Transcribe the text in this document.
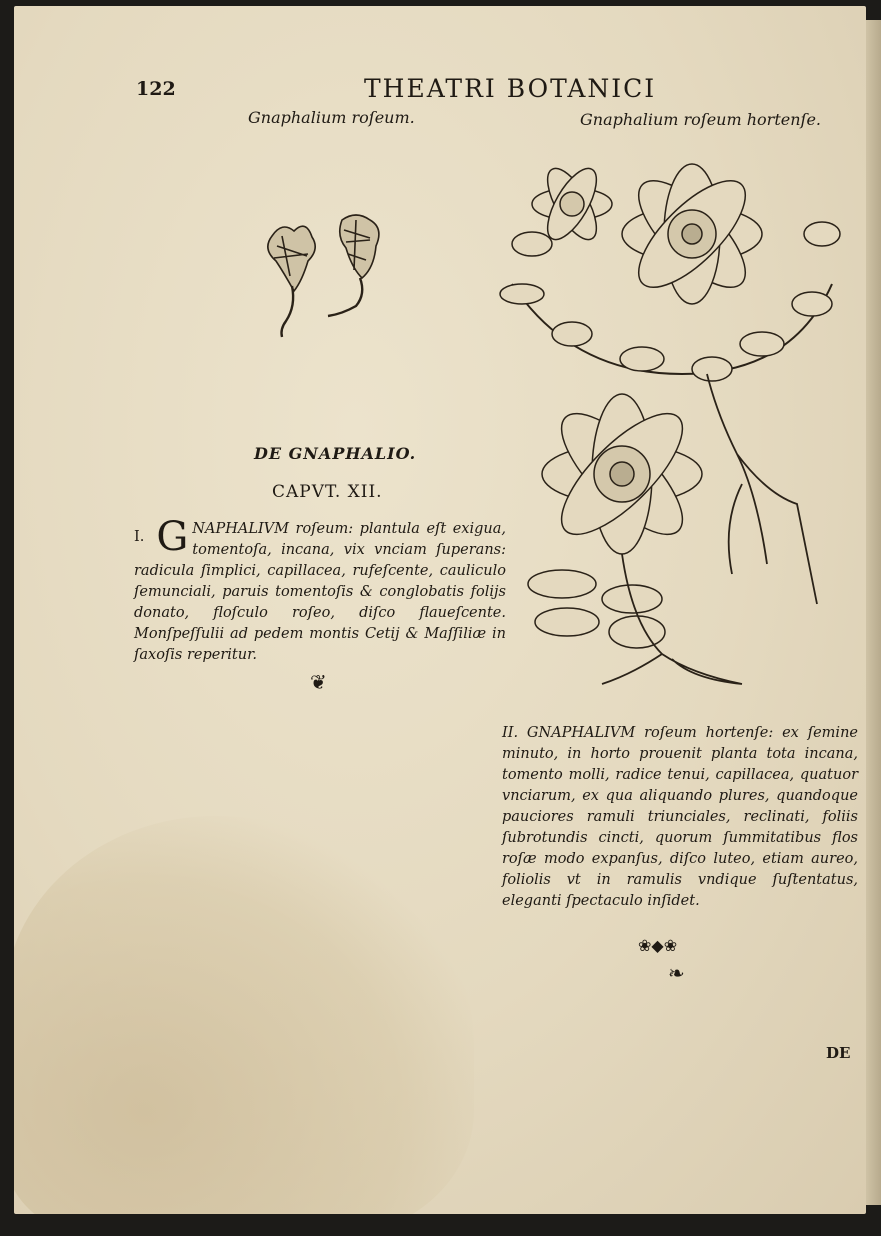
122	THEATRI BOTANICI
Gnaphalium roſeum.	Gnaphalium roſeum hortenſe.
DE GNAPHALIO.
CAPVT. XII.
I. G NAPHALIVM roſeum: plantula eſt exigua, tomentoſa, incana, vix vnciam ſuperans: radicula ſimplici, capillacea, rufeſcente, cauliculo ſemunciali, paruis tomentoſis & conglobatis folijs donato, floſculo roſeo, diſco flaueſcente. Monſpeſſulii ad pedem montis Cetij & Maſſiliæ in ſaxoſis reperitur.
❦
II. GNAPHALIVM roſeum hortenſe: ex ſemine minuto, in horto prouenit planta tota incana, tomento molli, radice tenui, capillacea, quatuor vnciarum, ex qua aliquando plures, quandoque pauciores ramuli triunciales, reclinati, foliis ſubrotundis cincti, quorum ſummitatibus flos roſæ modo expanſus, diſco luteo, etiam aureo, foliolis vt in ramulis vndique ſuſtentatus, eleganti ſpectaculo inſidet.
❀◆❀
❧
DE
